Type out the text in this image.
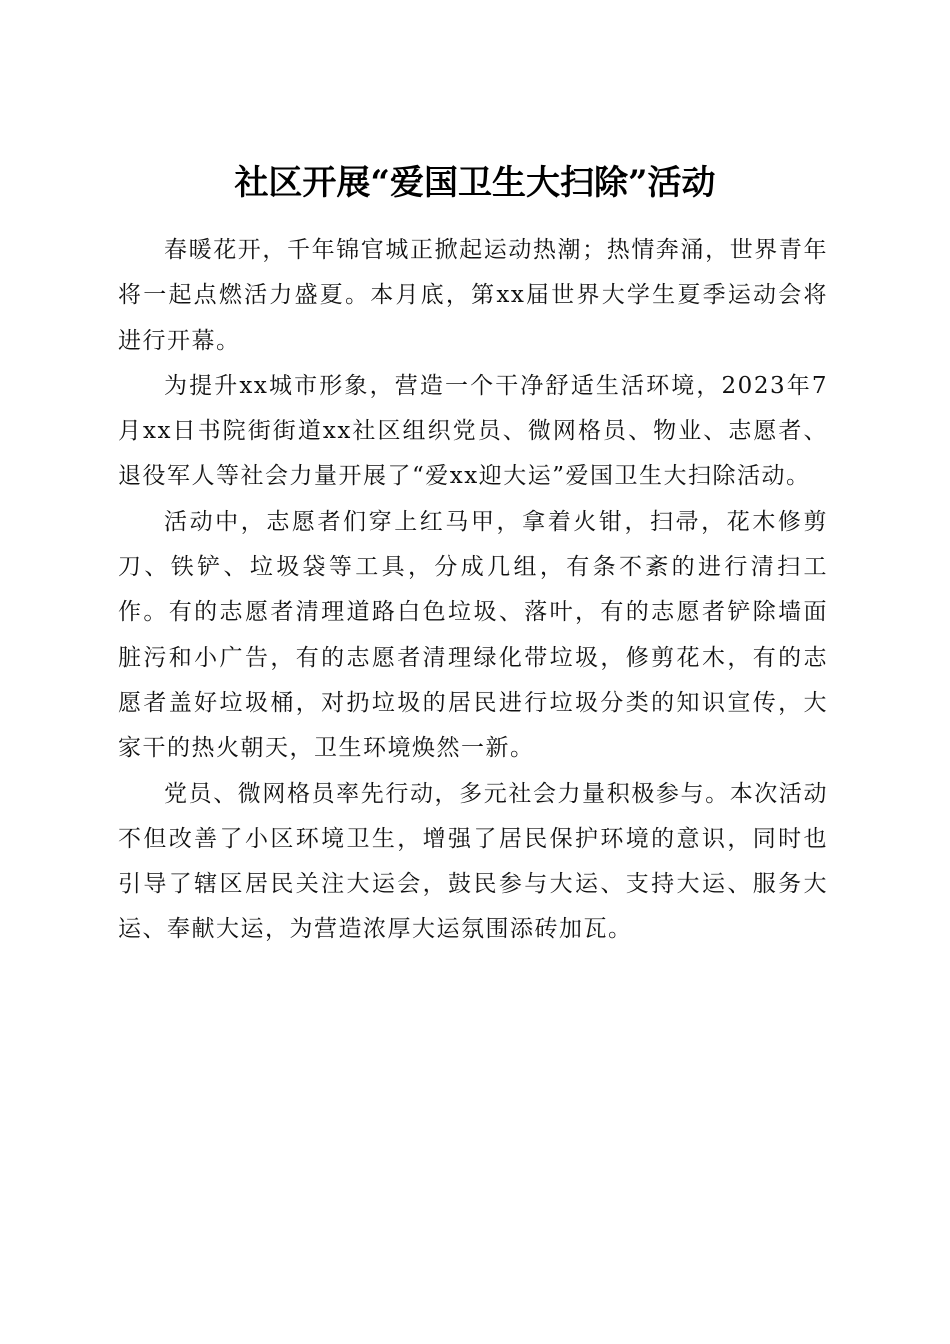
社区开展“爱国卫生大扫除”活动

春暖花开，千年锦官城正掀起运动热潮；热情奔涌，世界青年将一起点燃活力盛夏。本月底，第xx届世界大学生夏季运动会将进行开幕。

为提升xx城市形象，营造一个干净舒适生活环境，2023年7月xx日书院街街道xx社区组织党员、微网格员、物业、志愿者、退役军人等社会力量开展了“爱xx迎大运”爱国卫生大扫除活动。

活动中，志愿者们穿上红马甲，拿着火钳，扫帚，花木修剪刀、铁铲、垃圾袋等工具，分成几组，有条不紊的进行清扫工作。有的志愿者清理道路白色垃圾、落叶，有的志愿者铲除墙面脏污和小广告，有的志愿者清理绿化带垃圾，修剪花木，有的志愿者盖好垃圾桶，对扔垃圾的居民进行垃圾分类的知识宣传，大家干的热火朝天，卫生环境焕然一新。

党员、微网格员率先行动，多元社会力量积极参与。本次活动不但改善了小区环境卫生，增强了居民保护环境的意识，同时也引导了辖区居民关注大运会，鼓民参与大运、支持大运、服务大运、奉献大运，为营造浓厚大运氛围添砖加瓦。
